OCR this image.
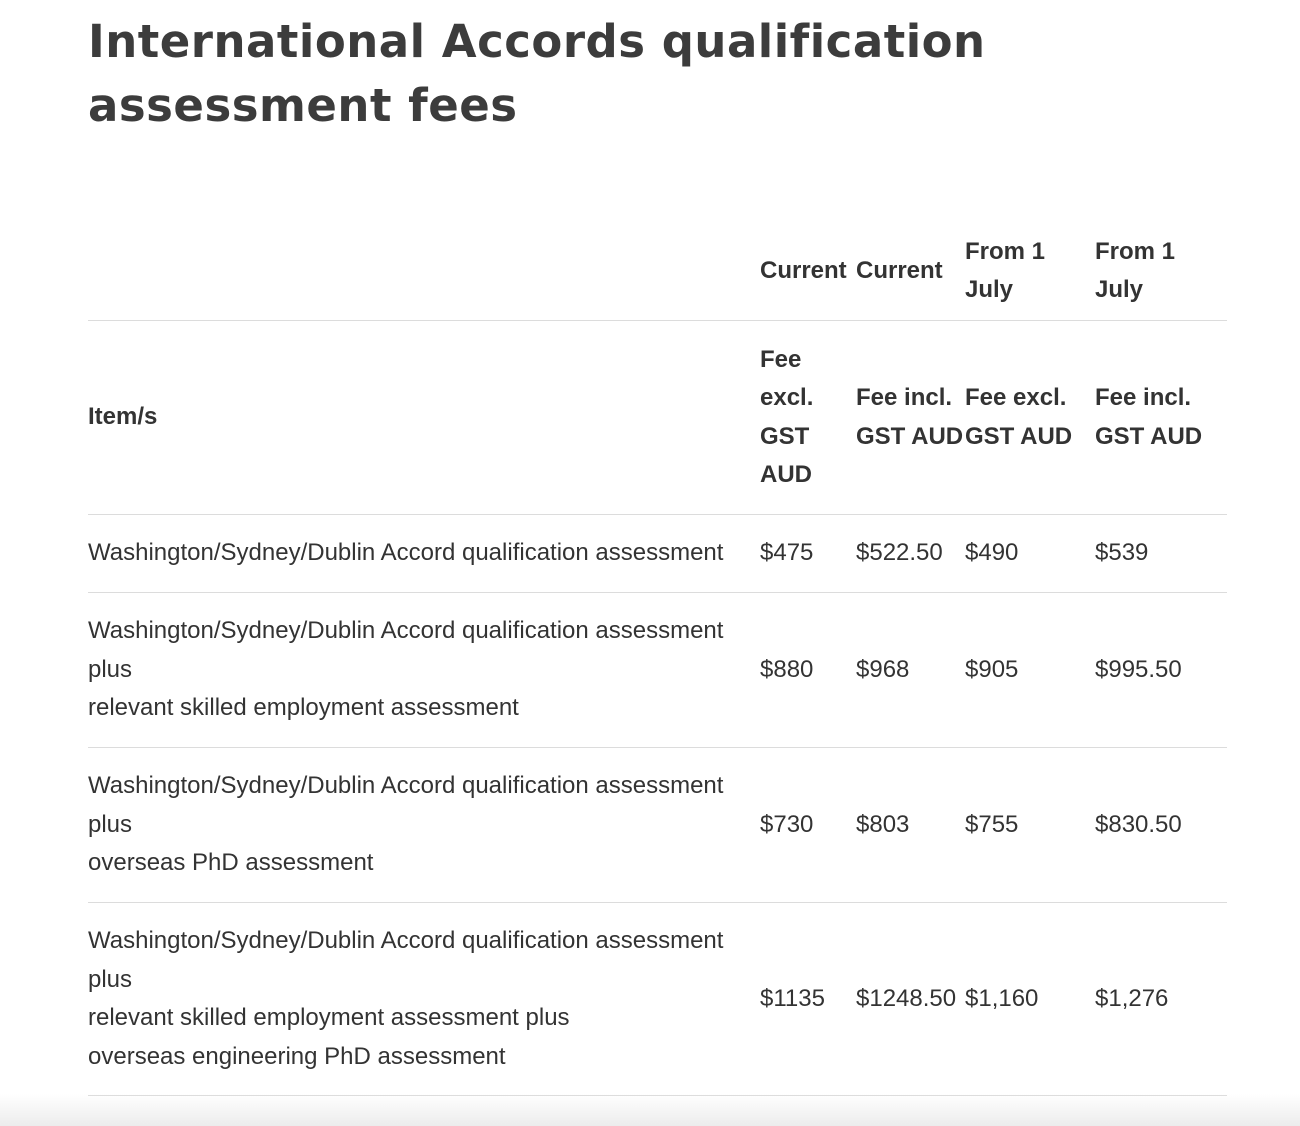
International Accords qualification assessment fees
	Current	Current	From 1 July	From 1 July
Item/s	Fee excl. GST AUD	Fee incl. GST AUD	Fee excl. GST AUD	Fee incl. GST AUD
Washington/Sydney/Dublin Accord qualification assessment	$475	$522.50	$490	$539
Washington/Sydney/Dublin Accord qualification assessment
plus
relevant skilled employment assessment	$880	$968	$905	$995.50
Washington/Sydney/Dublin Accord qualification assessment
plus
overseas PhD assessment	$730	$803	$755	$830.50
Washington/Sydney/Dublin Accord qualification assessment
plus
relevant skilled employment assessment plus
overseas engineering PhD assessment	$1135	$1248.50	$1,160	$1,276
